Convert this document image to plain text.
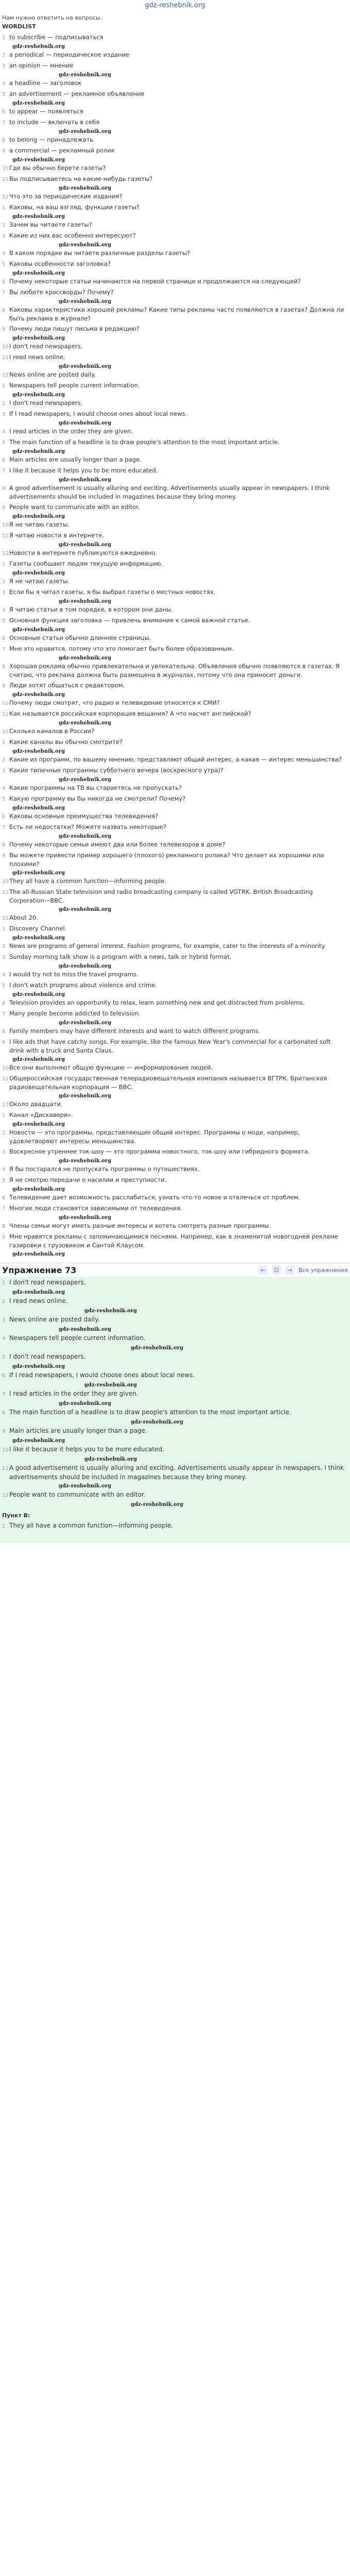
gdz-reshebnik.org
Нам нужно ответить на вопросы.
WORDLIST
1 to subscribe — подписываться
gdz-reshebnik.org
2 a periodical — периодическое издание
3 an opinion — мнение
gdz-reshebnik.org
4 a headline — заголовок
5 an advertisement — рекламное объявление
gdz-reshebnik.org
6 to appear — появляться
7 to include — включать в себя
gdz-reshebnik.org
8 to belong — принадлежать
9 a commercial — рекламный ролик
gdz-reshebnik.org
10 Где вы обычно берете газеты?
11 Вы подписываетесь на какие-нибудь газеты?
gdz-reshebnik.org
12 Что это за периодические издания?
1 Каковы, на ваш взгляд, функции газеты?
gdz-reshebnik.org
2 Зачем вы читаете газеты?
3 Какие из них вас особенно интересуют?
gdz-reshebnik.org
4 В каком порядке вы читаете различные разделы газеты?
5 Каковы особенности заголовка?
gdz-reshebnik.org
6 Почему некоторые статьи начинаются на первой странице и продолжаются на следующей?
7 Вы любите кроссворды? Почему?
gdz-reshebnik.org
8 Каковы характеристики хорошей рекламы? Какие типы рекламы часто появляются в газетах? Должна ли быть реклама в журнале?
9 Почему люди пишут письма в редакцию?
gdz-reshebnik.org
10 I don't read newspapers.
11 I read news online.
gdz-reshebnik.org
12 News online are posted daily.
1 Newspapers tell people current information.
gdz-reshebnik.org
2 I don't read newspapers.
3 If I read newspapers, I would choose ones about local news.
gdz-reshebnik.org
4 I read articles in the order they are given.
5 The main function of a headline is to draw people's attention to the most important article.
gdz-reshebnik.org
6 Main articles are usually longer than a page.
7 I like it because it helps you to be more educated.
gdz-reshebnik.org
8 A good advertisement is usually alluring and exciting. Advertisements usually appear in newspapers. I think advertisements should be included in magazines because they bring money.
9 People want to communicate with an editor.
gdz-reshebnik.org
10 Я не читаю газеты.
11 Я читаю новости в интернете.
gdz-reshebnik.org
12 Новости в интернете публикуются ежедневно.
1 Газеты сообщают людям текущую информацию.
gdz-reshebnik.org
2 Я не читаю газеты.
3 Если бы я читал газеты, я бы выбрал газеты о местных новостях.
gdz-reshebnik.org
4 Я читаю статьи в том порядке, в котором они даны.
5 Основная функция заголовка — привлечь внимание к самой важной статье.
gdz-reshebnik.org
6 Основные статьи обычно длиннее страницы.
7 Мне это нравится, потому что это помогает быть более образованным.
gdz-reshebnik.org
8 Хорошая реклама обычно привлекательна и увлекательна. Объявления обычно появляются в газетах. Я считаю, что реклама должна быть размещена в журналах, потому что она приносит деньги.
9 Люди хотят общаться с редактором.
gdz-reshebnik.org
10 Почему люди смотрят, что радио и телевидение относятся к СМИ?
11 Как называется российская корпорация вещания? А что насчет английской?
gdz-reshebnik.org
12 Сколько каналов в России?
1 Какие каналы вы обычно смотрите?
gdz-reshebnik.org
2 Какие из программ, по вашему мнению, представляют общий интерес, а какая — интерес меньшинства?
3 Какие типичные программы субботнего вечера (воскресного утра)?
gdz-reshebnik.org
4 Какие программы на ТВ вы стараетесь не пропускать?
5 Какую программу вы бы никогда не смотрели? Почему?
gdz-reshebnik.org
6 Каковы основные преимущества телевидения?
7 Есть ли недостатки? Можете назвать некоторые?
gdz-reshebnik.org
8 Почему некоторые семьи имеют два или более телевизоров в доме?
9 Вы можете привести пример хорошего (плохого) рекламного ролика? Что делает их хорошими или плохими?
gdz-reshebnik.org
10 They all have a common function—informing people.
11 The all-Russian State television and radio broadcasting company is called VGTRK. British Broadcasting Corporation—BBC.
gdz-reshebnik.org
12 About 20.
1 Discovery Channel.
gdz-reshebnik.org
2 News are programs of general interest. Fashion programs, for example, cater to the interests of a minority.
3 Sunday morning talk show is a program with a news, talk or hybrid format.
gdz-reshebnik.org
4 I would try not to miss the travel programs.
5 I don't watch programs about violence and crime.
gdz-reshebnik.org
6 Television provides an opportunity to relax, learn something new and get distracted from problems.
7 Many people become addicted to television.
gdz-reshebnik.org
8 Family members may have different interests and want to watch different programs.
9 I like ads that have catchy songs. For example, like the famous New Year's commercial for a carbonated soft drink with a truck and Santa Claus.
gdz-reshebnik.org
10 Все они выполняют общую функцию — информирование людей.
11 Общероссийская государственная телерадиовещательная компания называется ВГТРК. Британская радиовещательная корпорация — ВВС.
gdz-reshebnik.org
12 Около двадцати.
1 Канал «Дискавери».
gdz-reshebnik.org
2 Новости — это программы, представляющие общий интерес. Программы о моде, например, удовлетворяют интересы меньшинства.
3 Воскресное утреннее ток-шоу — это программа новостного, ток-шоу или гибридного формата.
gdz-reshebnik.org
4 Я бы постарался не пропускать программы о путешествиях.
5 Я не смотрю передачи о насилии и преступности.
gdz-reshebnik.org
6 Телевидение дает возможность расслабиться, узнать что-то новое и отвлечься от проблем.
7 Многие люди становятся зависимыми от телевидения.
gdz-reshebnik.org
8 Члены семьи могут иметь разные интересы и хотеть смотреть разные программы.
9 Мне нравятся рекламы с запоминающимися песнями. Например, как в знаменитой новогодней рекламе газировки с грузовиком и Сантой Клаусом.
gdz-reshebnik.org
Упражнение 73	←	☷	→	Все упражнения
1 I don't read newspapers.
gdz-reshebnik.org
2 I read news online.
gdz-reshebnik.org
3 News online are posted daily.
gdz-reshebnik.org
4 Newspapers tell people current information.
gdz-reshebnik.org
5 I don't read newspapers.
gdz-reshebnik.org
6 If I read newspapers, I would choose ones about local news.
gdz-reshebnik.org
7 I read articles in the order they are given.
gdz-reshebnik.org
8 The main function of a headline is to draw people's attention to the most important article.
gdz-reshebnik.org
9 Main articles are usually longer than a page.
gdz-reshebnik.org
10 I like it because it helps you to be more educated.
gdz-reshebnik.org
11 A good advertisement is usually alluring and exciting. Advertisements usually appear in newspapers. I think advertisements should be included in magazines because they bring money.
gdz-reshebnik.org
12 People want to communicate with an editor.
gdz-reshebnik.org
Пункт B:
1 They all have a common function—informing people.
